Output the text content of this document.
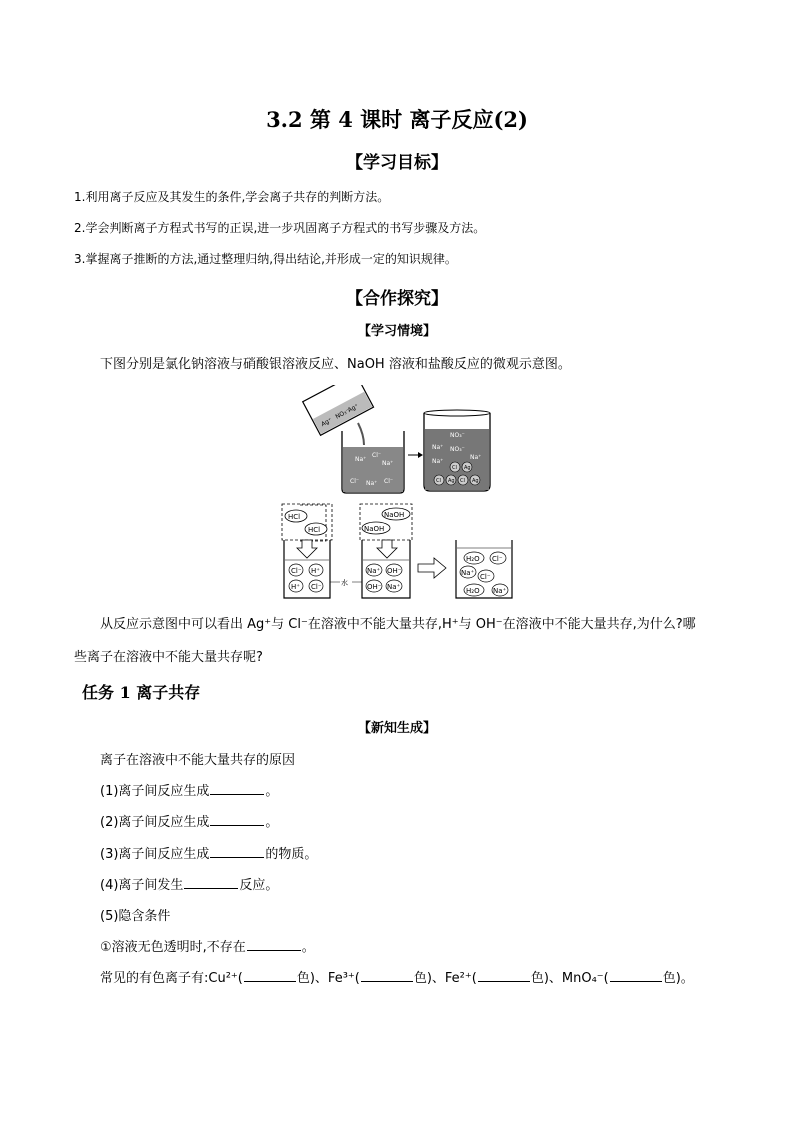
3.2 第 4 课时 离子反应(2)
【学习目标】
1.利用离子反应及其发生的条件,学会离子共存的判断方法。
2.学会判断离子方程式书写的正误,进一步巩固离子方程式的书写步骤及方法。
3.掌握离子推断的方法,通过整理归纳,得出结论,并形成一定的知识规律。
【合作探究】
【学习情境】
下图分别是氯化钠溶液与硝酸银溶液反应、NaOH 溶液和盐酸反应的微观示意图。
Ag⁺
NO₃⁻
Ag⁺
Na⁺
Cl⁻
Na⁺
Cl⁻ Na⁺ Cl⁻
NO₃⁻
Na⁺ NO₃⁻
Na⁺
Na⁺
Cl Ag
Cl Ag Cl Ag
HCl
HCl
Cl⁻ H⁺
H⁺ Cl⁻	水
NaOH
NaOH
Na⁺ OH⁻
OH⁻ Na⁺
H₂O Cl⁻
Na⁺ Cl⁻
H₂O Na⁺
从反应示意图中可以看出 Ag⁺与 Cl⁻在溶液中不能大量共存,H⁺与 OH⁻在溶液中不能大量共存,为什么?哪
些离子在溶液中不能大量共存呢?
任务 1 离子共存
【新知生成】
离子在溶液中不能大量共存的原因
(1)离子间反应生成	。
(2)离子间反应生成	。
(3)离子间反应生成	的物质。
(4)离子间发生	反应。
(5)隐含条件
①溶液无色透明时,不存在	。
常见的有色离子有:Cu²⁺(	色)、Fe³⁺(	色)、Fe²⁺(	色)、MnO₄⁻(	色)。
